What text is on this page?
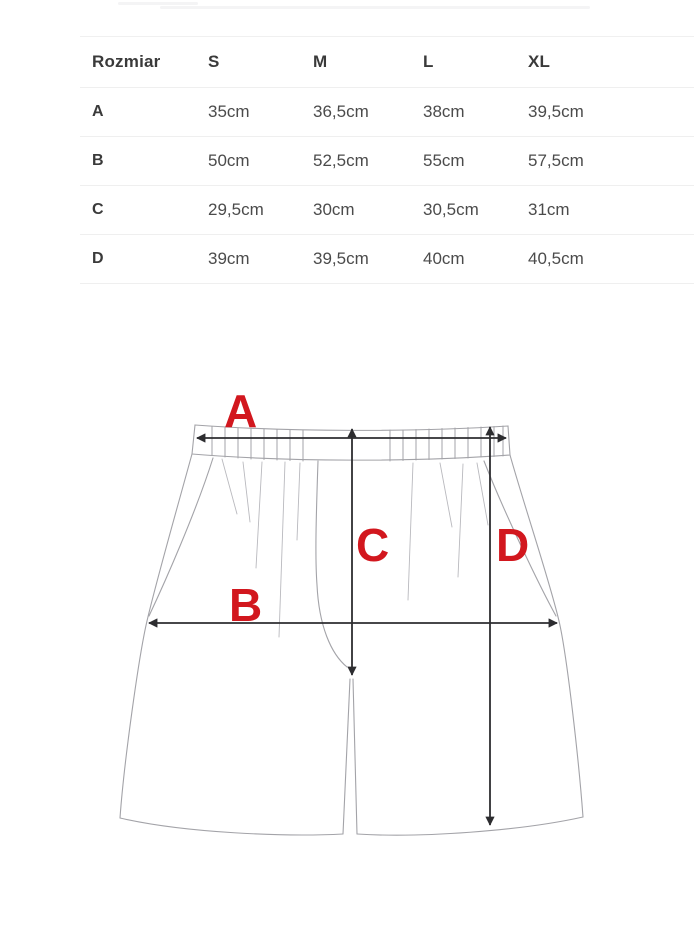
Rozmiar	S	M	L	XL
A	35cm	36,5cm	38cm	39,5cm
B	50cm	52,5cm	55cm	57,5cm
C	29,5cm	30cm	30,5cm	31cm
D	39cm	39,5cm	40cm	40,5cm
A
B
C D
